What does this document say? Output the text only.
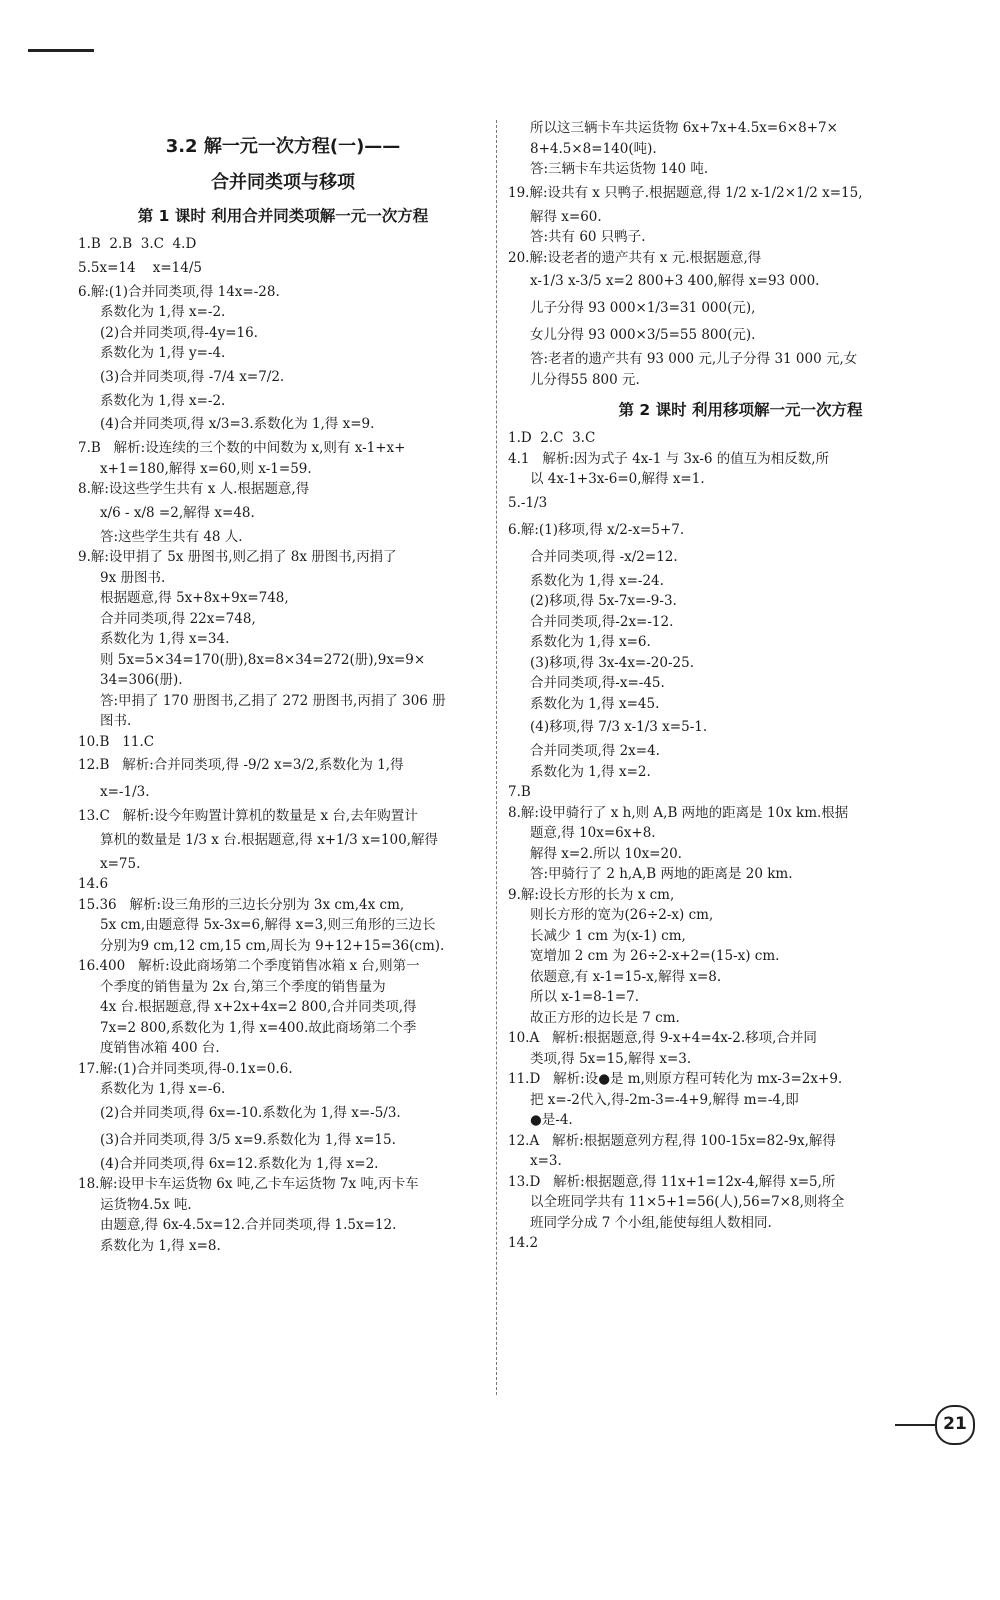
3.2 解一元一次方程(一)——
合并同类项与移项
第 1 课时 利用合并同类项解一元一次方程
1.B  2.B  3.C  4.D
5.5x=14    x=14/5
6.解:(1)合并同类项,得 14x=-28.
系数化为 1,得 x=-2.
(2)合并同类项,得-4y=16.
系数化为 1,得 y=-4.
(3)合并同类项,得 -7/4 x=7/2.
系数化为 1,得 x=-2.
(4)合并同类项,得 x/3=3.系数化为 1,得 x=9.
7.B   解析:设连续的三个数的中间数为 x,则有 x-1+x+
x+1=180,解得 x=60,则 x-1=59.
8.解:设这些学生共有 x 人.根据题意,得
x/6 - x/8 =2,解得 x=48.
答:这些学生共有 48 人.
9.解:设甲捐了 5x 册图书,则乙捐了 8x 册图书,丙捐了
9x 册图书.
根据题意,得 5x+8x+9x=748,
合并同类项,得 22x=748,
系数化为 1,得 x=34.
则 5x=5×34=170(册),8x=8×34=272(册),9x=9×
34=306(册).
答:甲捐了 170 册图书,乙捐了 272 册图书,丙捐了 306 册
图书.
10.B   11.C
12.B   解析:合并同类项,得 -9/2 x=3/2,系数化为 1,得
x=-1/3.
13.C   解析:设今年购置计算机的数量是 x 台,去年购置计
算机的数量是 1/3 x 台.根据题意,得 x+1/3 x=100,解得
x=75.
14.6
15.36   解析:设三角形的三边长分别为 3x cm,4x cm,
5x cm,由题意得 5x-3x=6,解得 x=3,则三角形的三边长
分别为9 cm,12 cm,15 cm,周长为 9+12+15=36(cm).
16.400   解析:设此商场第二个季度销售冰箱 x 台,则第一
个季度的销售量为 2x 台,第三个季度的销售量为
4x 台.根据题意,得 x+2x+4x=2 800,合并同类项,得
7x=2 800,系数化为 1,得 x=400.故此商场第二个季
度销售冰箱 400 台.
17.解:(1)合并同类项,得-0.1x=0.6.
系数化为 1,得 x=-6.
(2)合并同类项,得 6x=-10.系数化为 1,得 x=-5/3.
(3)合并同类项,得 3/5 x=9.系数化为 1,得 x=15.
(4)合并同类项,得 6x=12.系数化为 1,得 x=2.
18.解:设甲卡车运货物 6x 吨,乙卡车运货物 7x 吨,丙卡车
运货物4.5x 吨.
由题意,得 6x-4.5x=12.合并同类项,得 1.5x=12.
系数化为 1,得 x=8.
所以这三辆卡车共运货物 6x+7x+4.5x=6×8+7×
8+4.5×8=140(吨).
答:三辆卡车共运货物 140 吨.
19.解:设共有 x 只鸭子.根据题意,得 1/2 x-1/2×1/2 x=15,
解得 x=60.
答:共有 60 只鸭子.
20.解:设老者的遗产共有 x 元.根据题意,得
x-1/3 x-3/5 x=2 800+3 400,解得 x=93 000.
儿子分得 93 000×1/3=31 000(元),
女儿分得 93 000×3/5=55 800(元).
答:老者的遗产共有 93 000 元,儿子分得 31 000 元,女
儿分得55 800 元.
第 2 课时 利用移项解一元一次方程
1.D  2.C  3.C
4.1   解析:因为式子 4x-1 与 3x-6 的值互为相反数,所
以 4x-1+3x-6=0,解得 x=1.
5.-1/3
6.解:(1)移项,得 x/2-x=5+7.
合并同类项,得 -x/2=12.
系数化为 1,得 x=-24.
(2)移项,得 5x-7x=-9-3.
合并同类项,得-2x=-12.
系数化为 1,得 x=6.
(3)移项,得 3x-4x=-20-25.
合并同类项,得-x=-45.
系数化为 1,得 x=45.
(4)移项,得 7/3 x-1/3 x=5-1.
合并同类项,得 2x=4.
系数化为 1,得 x=2.
7.B
8.解:设甲骑行了 x h,则 A,B 两地的距离是 10x km.根据
题意,得 10x=6x+8.
解得 x=2.所以 10x=20.
答:甲骑行了 2 h,A,B 两地的距离是 20 km.
9.解:设长方形的长为 x cm,
则长方形的宽为(26÷2-x) cm,
长减少 1 cm 为(x-1) cm,
宽增加 2 cm 为 26÷2-x+2=(15-x) cm.
依题意,有 x-1=15-x,解得 x=8.
所以 x-1=8-1=7.
故正方形的边长是 7 cm.
10.A   解析:根据题意,得 9-x+4=4x-2.移项,合并同
类项,得 5x=15,解得 x=3.
11.D   解析:设●是 m,则原方程可转化为 mx-3=2x+9.
把 x=-2代入,得-2m-3=-4+9,解得 m=-4,即
●是-4.
12.A   解析:根据题意列方程,得 100-15x=82-9x,解得
x=3.
13.D   解析:根据题意,得 11x+1=12x-4,解得 x=5,所
以全班同学共有 11×5+1=56(人),56=7×8,则将全
班同学分成 7 个小组,能使每组人数相同.
14.2
21
